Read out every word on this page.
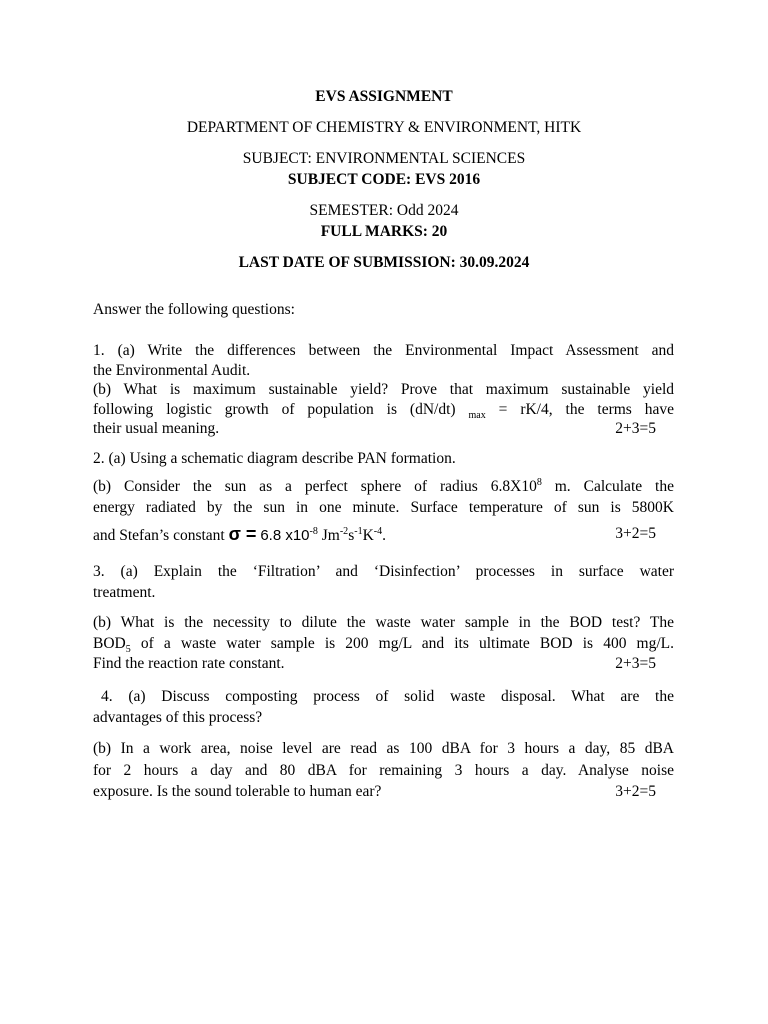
EVS ASSIGNMENT
DEPARTMENT OF CHEMISTRY & ENVIRONMENT, HITK
SUBJECT: ENVIRONMENTAL SCIENCES
SUBJECT CODE: EVS 2016
SEMESTER: Odd 2024
FULL MARKS: 20
LAST DATE OF SUBMISSION: 30.09.2024
Answer the following questions:
1. (a) Write the differences between the Environmental Impact Assessment and
the Environmental Audit.
(b) What is maximum sustainable yield? Prove that maximum sustainable yield
following logistic growth of population is (dN/dt) $_{max}$ = rK/4, the terms have
their usual meaning.	2+3=5
2. (a) Using a schematic diagram describe PAN formation.
(b) Consider the sun as a perfect sphere of radius $6.8X10^8$ m. Calculate the
energy radiated by the sun in one minute. Surface temperature of sun is 5800K
and Stefan’s constant σ = 6.8 $x10^{-8}$ $Jm^{-2}s^{-1}K^{-4}$.	3+2=5
3. (a) Explain the ‘Filtration’ and ‘Disinfection’ processes in surface water
treatment.
(b) What is the necessity to dilute the waste water sample in the BOD test? The
$BOD_5$ of a waste water sample is 200 mg/L and its ultimate BOD is 400 mg/L.
Find the reaction rate constant.	2+3=5
4. (a) Discuss composting process of solid waste disposal. What are the
advantages of this process?
(b) In a work area, noise level are read as 100 dBA for 3 hours a day, 85 dBA
for 2 hours a day and 80 dBA for remaining 3 hours a day. Analyse noise
exposure. Is the sound tolerable to human ear?	3+2=5
